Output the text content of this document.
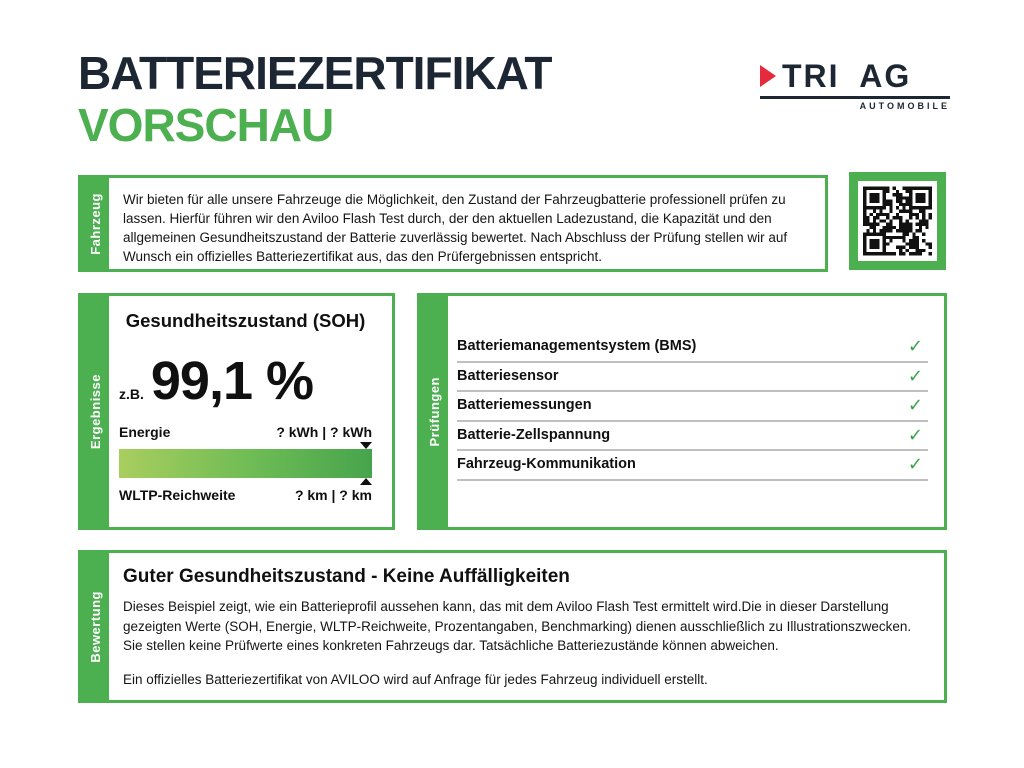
BATTERIEZERTIFIKAT
VORSCHAU
TRI AG
AUTOMOBILE
Fahrzeug	Wir bieten für alle unsere Fahrzeuge die Möglichkeit, den Zustand der Fahrzeugbatterie professionell prüfen zu lassen. Hierfür führen wir den Aviloo Flash Test durch, der den aktuellen Ladezustand, die Kapazität und den allgemeinen Gesundheitszustand der Batterie zuverlässig bewertet. Nach Abschluss der Prüfung stellen wir auf Wunsch ein offizielles Batteriezertifikat aus, das den Prüfergebnissen entspricht.
Ergebnisse
Gesundheitszustand (SOH)
z.B. 99,1 %
Energie	? kWh | ? kWh
WLTP-Reichweite	? km | ? km
Prüfungen
Batteriemanagementsystem (BMS)	✓
Batteriesensor	✓
Batteriemessungen	✓
Batterie-Zellspannung	✓
Fahrzeug-Kommunikation	✓
Bewertung
Guter Gesundheitszustand - Keine Auffälligkeiten
Dieses Beispiel zeigt, wie ein Batterieprofil aussehen kann, das mit dem Aviloo Flash Test ermittelt wird.Die in dieser Darstellung gezeigten Werte (SOH, Energie, WLTP-Reichweite, Prozentangaben, Benchmarking) dienen ausschließlich zu Illustrationszwecken. Sie stellen keine Prüfwerte eines konkreten Fahrzeugs dar. Tatsächliche Batteriezustände können abweichen.
Ein offizielles Batteriezertifikat von AVILOO wird auf Anfrage für jedes Fahrzeug individuell erstellt.
